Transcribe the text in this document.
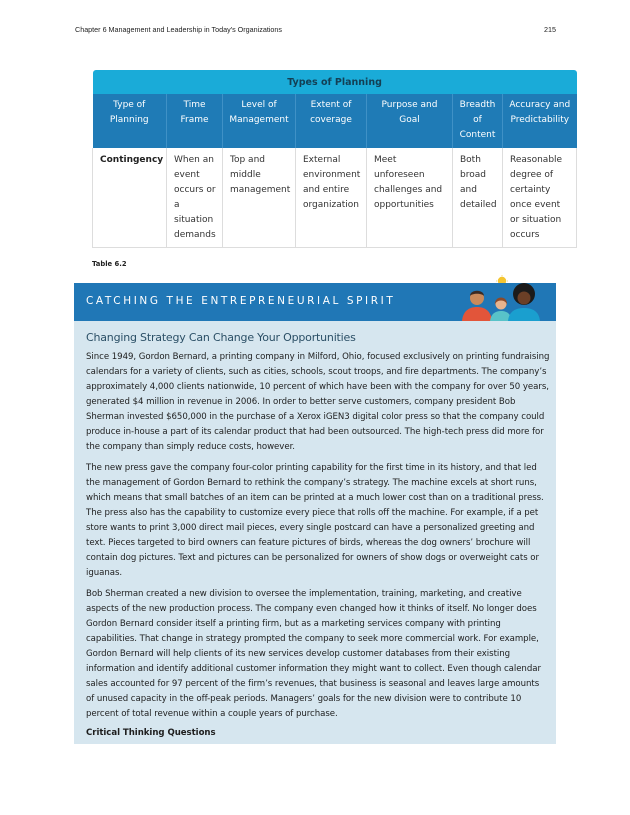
Chapter 6 Management and Leadership in Today's Organizations	215
Types of Planning						
Type of Planning	Time Frame	Level of Management	Extent of coverage	Purpose and Goal	Breadth of Content	Accuracy and Predictability
Contingency	When an event occurs or a situation demands	Top and middle management	External environment and entire organization	Meet unforeseen challenges and opportunities	Both broad and detailed	Reasonable degree of certainty once event or situation occurs
Table 6.2
CATCHING THE ENTREPRENEURIAL SPIRIT
Changing Strategy Can Change Your Opportunities

Since 1949, Gordon Bernard, a printing company in Milford, Ohio, focused exclusively on printing fundraising calendars for a variety of clients, such as cities, schools, scout troops, and fire departments. The company’s approximately 4,000 clients nationwide, 10 percent of which have been with the company for over 50 years, generated $4 million in revenue in 2006. In order to better serve customers, company president Bob Sherman invested $650,000 in the purchase of a Xerox iGEN3 digital color press so that the company could produce in-house a part of its calendar product that had been outsourced. The high-tech press did more for the company than simply reduce costs, however.

The new press gave the company four-color printing capability for the first time in its history, and that led the management of Gordon Bernard to rethink the company’s strategy. The machine excels at short runs, which means that small batches of an item can be printed at a much lower cost than on a traditional press. The press also has the capability to customize every piece that rolls off the machine. For example, if a pet store wants to print 3,000 direct mail pieces, every single postcard can have a personalized greeting and text. Pieces targeted to bird owners can feature pictures of birds, whereas the dog owners’ brochure will contain dog pictures. Text and pictures can be personalized for owners of show dogs or overweight cats or iguanas.

Bob Sherman created a new division to oversee the implementation, training, marketing, and creative aspects of the new production process. The company even changed how it thinks of itself. No longer does Gordon Bernard consider itself a printing firm, but as a marketing services company with printing capabilities. That change in strategy prompted the company to seek more commercial work. For example, Gordon Bernard will help clients of its new services develop customer databases from their existing information and identify additional customer information they might want to collect. Even though calendar sales accounted for 97 percent of the firm’s revenues, that business is seasonal and leaves large amounts of unused capacity in the off-peak periods. Managers’ goals for the new division were to contribute 10 percent of total revenue within a couple years of purchase.

Critical Thinking Questions
